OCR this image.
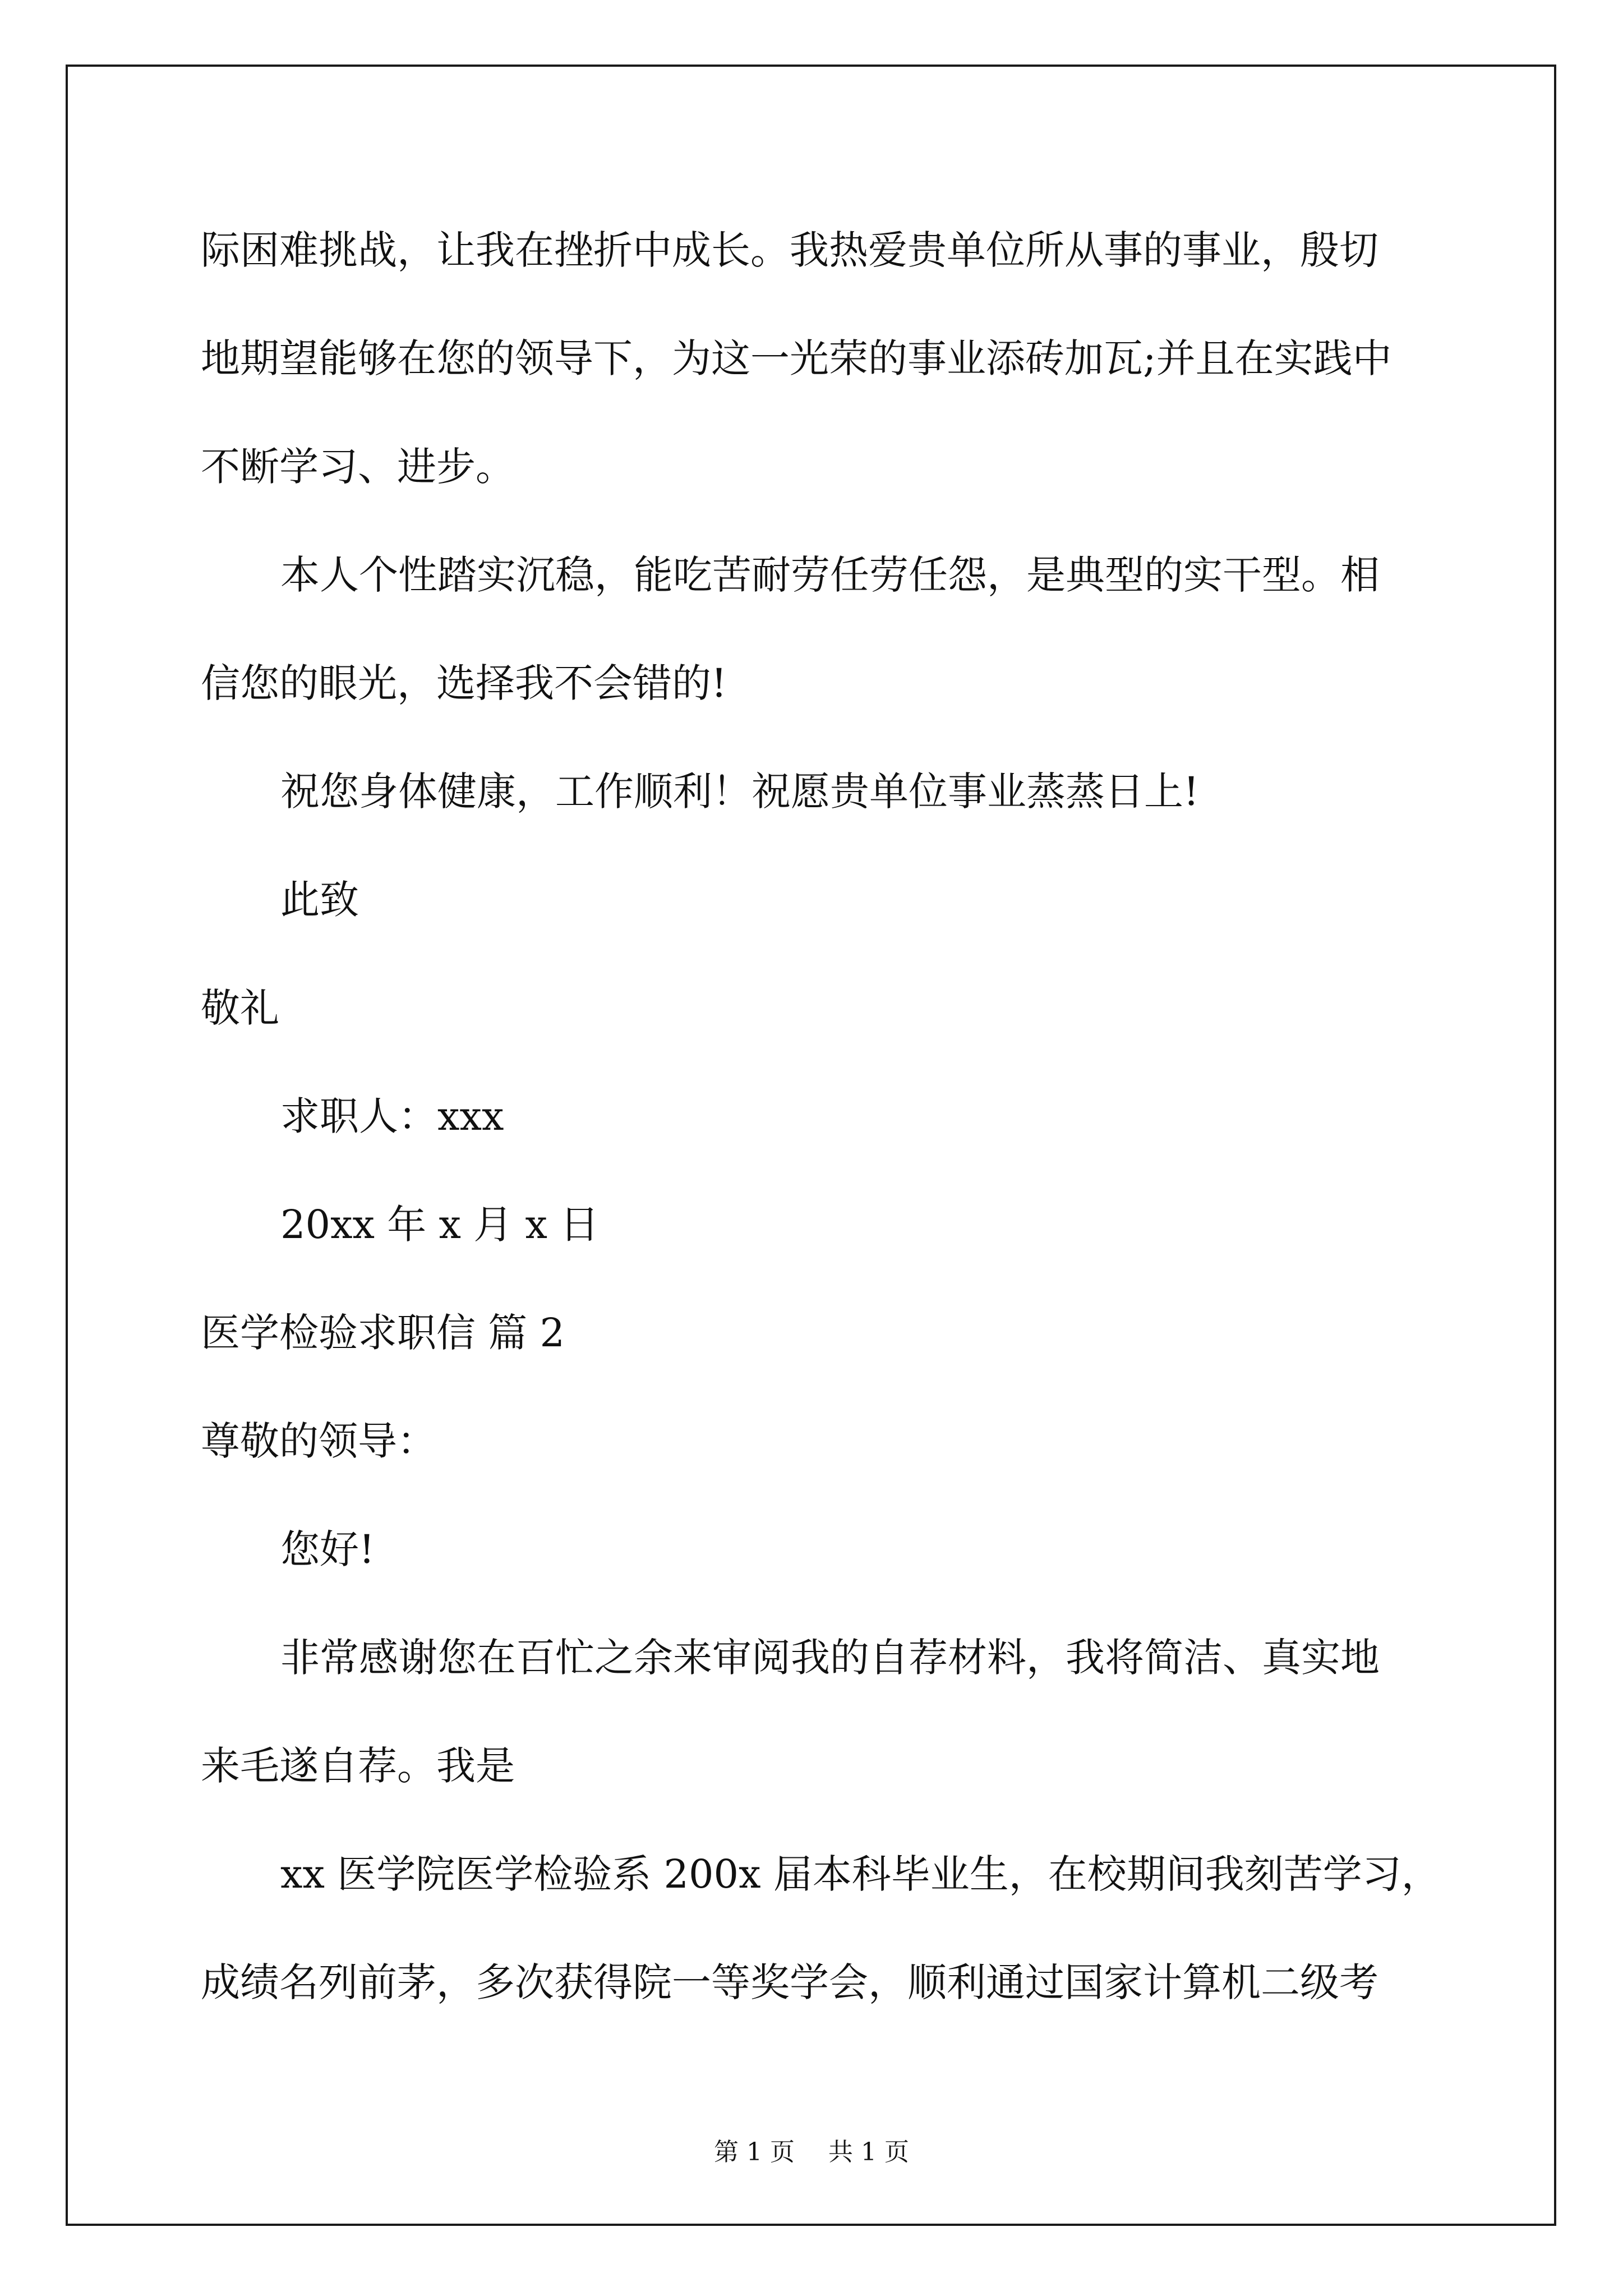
际困难挑战，让我在挫折中成长。我热爱贵单位所从事的事业，殷切
地期望能够在您的领导下，为这一光荣的事业添砖加瓦;并且在实践中
不断学习、进步。
本人个性踏实沉稳，能吃苦耐劳任劳任怨，是典型的实干型。相
信您的眼光，选择我不会错的!
祝您身体健康，工作顺利！祝愿贵单位事业蒸蒸日上!
此致
敬礼
求职人：xxx
20xx 年 x 月 x 日
医学检验求职信 篇 2
尊敬的领导：
您好!
非常感谢您在百忙之余来审阅我的自荐材料，我将简洁、真实地
来毛遂自荐。我是
xx 医学院医学检验系 200x 届本科毕业生，在校期间我刻苦学习，
成绩名列前茅，多次获得院一等奖学会，顺利通过国家计算机二级考
第 1 页 共 1 页
